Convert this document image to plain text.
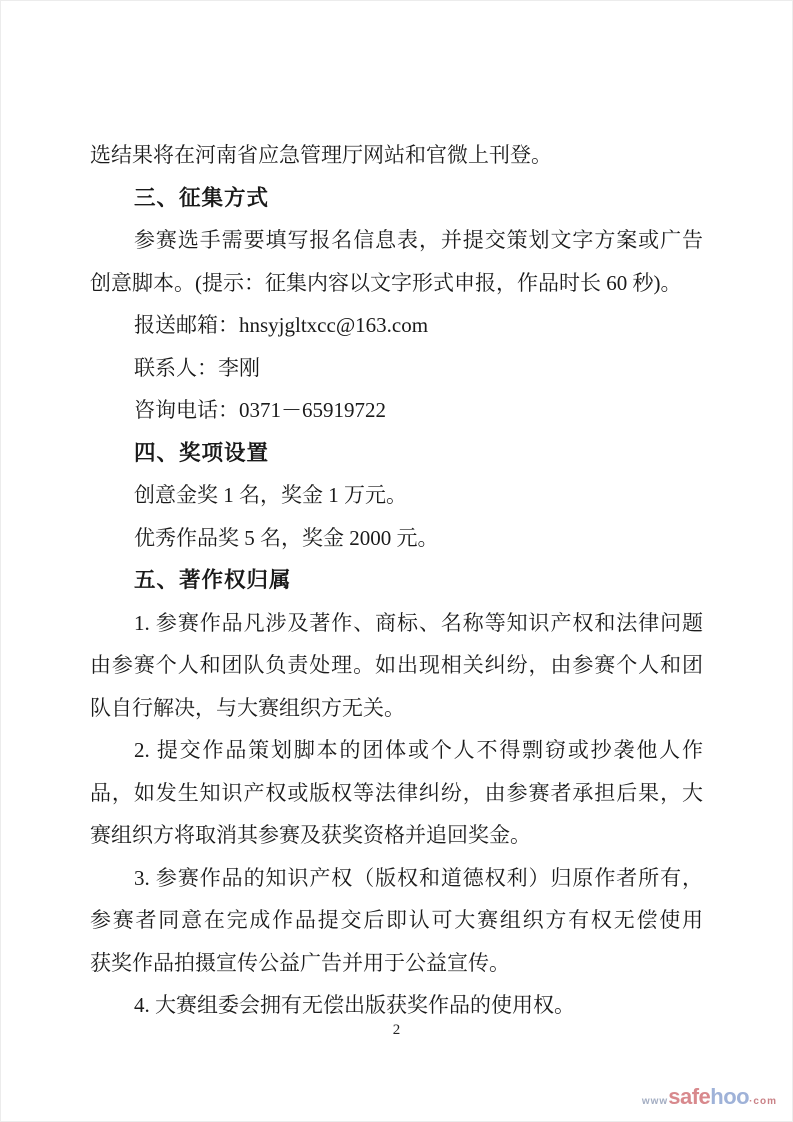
选结果将在河南省应急管理厅网站和官微上刊登。
三、征集方式
参赛选手需要填写报名信息表，并提交策划文字方案或广告
创意脚本。(提示：征集内容以文字形式申报，作品时长 60 秒)。
报送邮箱：hnsyjgltxcc@163.com
联系人：李刚
咨询电话：0371－65919722
四、奖项设置
创意金奖 1 名，奖金 1 万元。
优秀作品奖 5 名，奖金 2000 元。
五、著作权归属
1. 参赛作品凡涉及著作、商标、名称等知识产权和法律问题
由参赛个人和团队负责处理。如出现相关纠纷，由参赛个人和团
队自行解决，与大赛组织方无关。
2. 提交作品策划脚本的团体或个人不得剽窃或抄袭他人作
品，如发生知识产权或版权等法律纠纷，由参赛者承担后果，大
赛组织方将取消其参赛及获奖资格并追回奖金。
3. 参赛作品的知识产权（版权和道德权利）归原作者所有，
参赛者同意在完成作品提交后即认可大赛组织方有权无偿使用
获奖作品拍摄宣传公益广告并用于公益宣传。
4. 大赛组委会拥有无偿出版获奖作品的使用权。
2
www safe hoo ·com
